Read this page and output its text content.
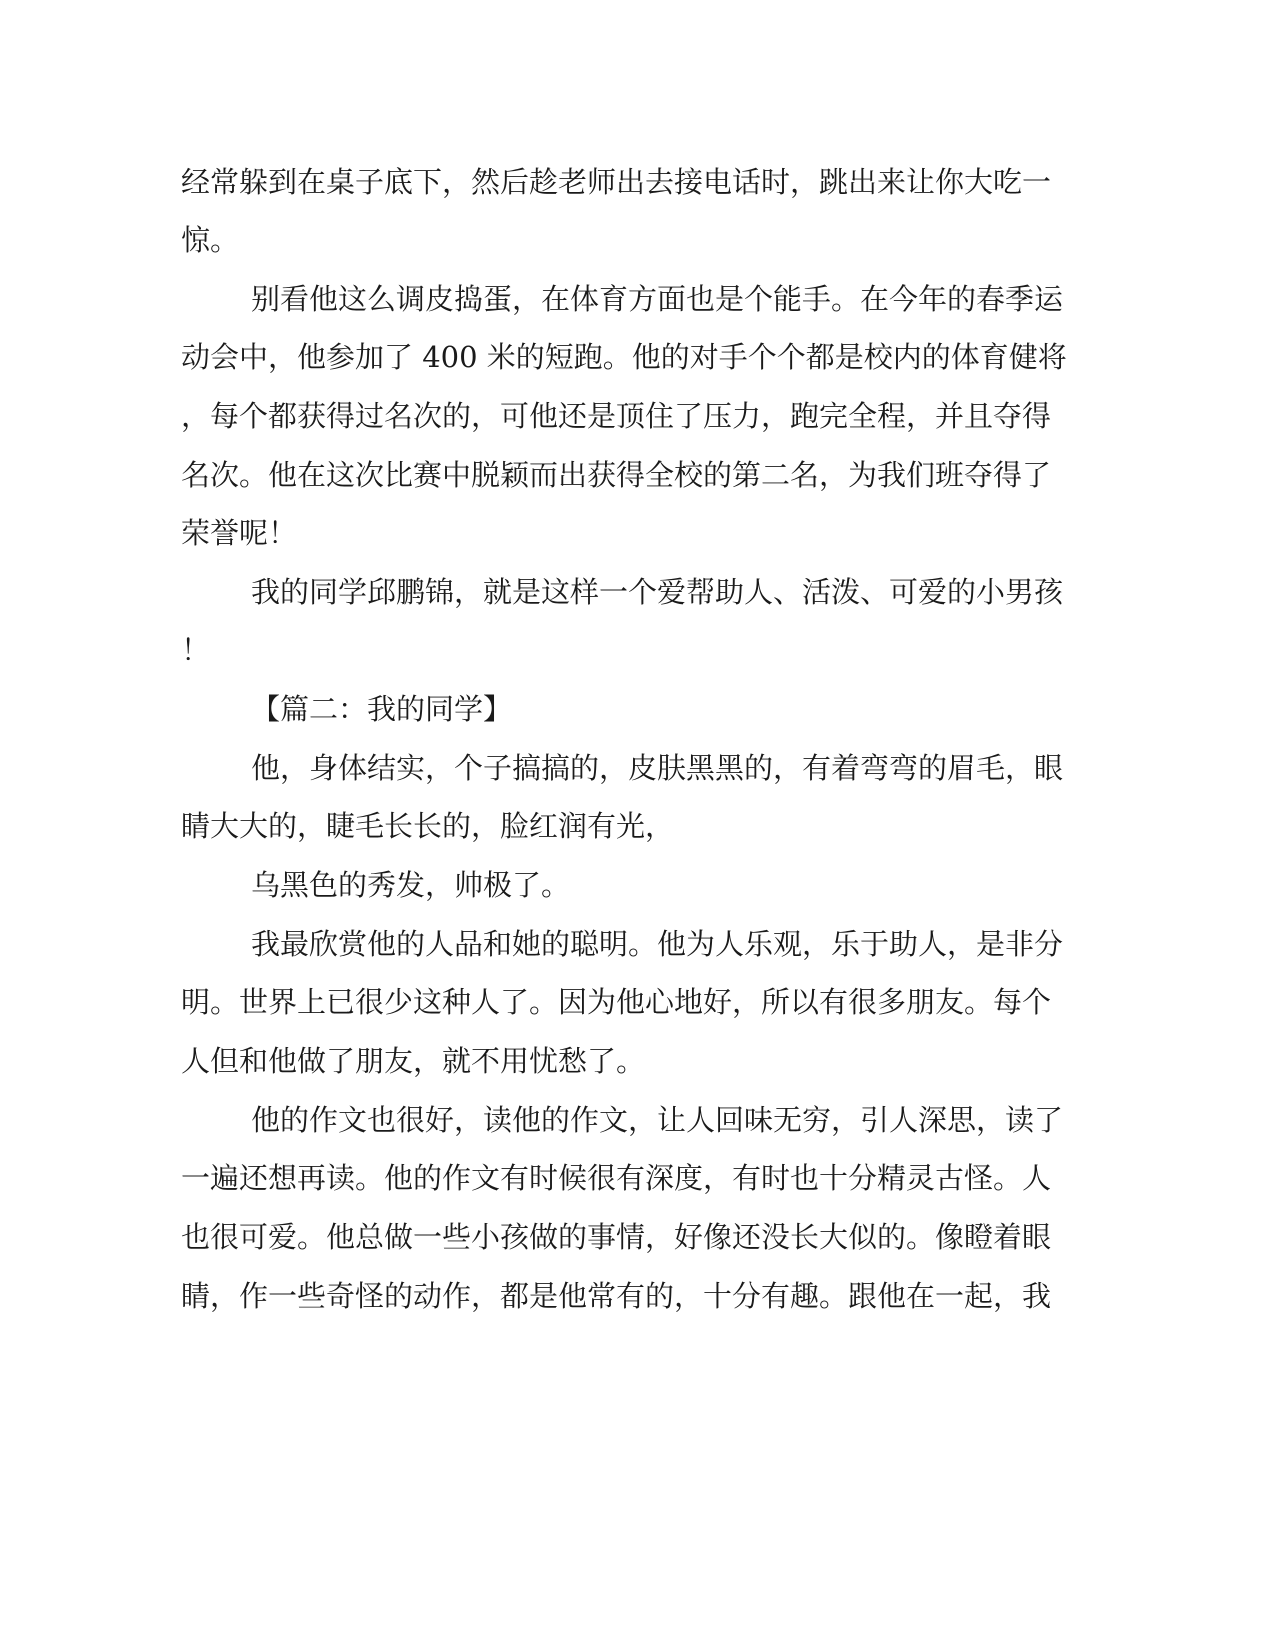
经常躲到在桌子底下，然后趁老师出去接电话时，跳出来让你大吃一
惊。
别看他这么调皮捣蛋，在体育方面也是个能手。在今年的春季运
动会中，他参加了 400 米的短跑。他的对手个个都是校内的体育健将
，每个都获得过名次的，可他还是顶住了压力，跑完全程，并且夺得
名次。他在这次比赛中脱颖而出获得全校的第二名，为我们班夺得了
荣誉呢！
我的同学邱鹏锦，就是这样一个爱帮助人、活泼、可爱的小男孩
！
【篇二：我的同学】
他，身体结实，个子搞搞的，皮肤黑黑的，有着弯弯的眉毛，眼
睛大大的，睫毛长长的，脸红润有光，
乌黑色的秀发，帅极了。
我最欣赏他的人品和她的聪明。他为人乐观，乐于助人，是非分
明。世界上已很少这种人了。因为他心地好，所以有很多朋友。每个
人但和他做了朋友，就不用忧愁了。
他的作文也很好，读他的作文，让人回味无穷，引人深思，读了
一遍还想再读。他的作文有时候很有深度，有时也十分精灵古怪。人
也很可爱。他总做一些小孩做的事情，好像还没长大似的。像瞪着眼
睛，作一些奇怪的动作，都是他常有的，十分有趣。跟他在一起，我
